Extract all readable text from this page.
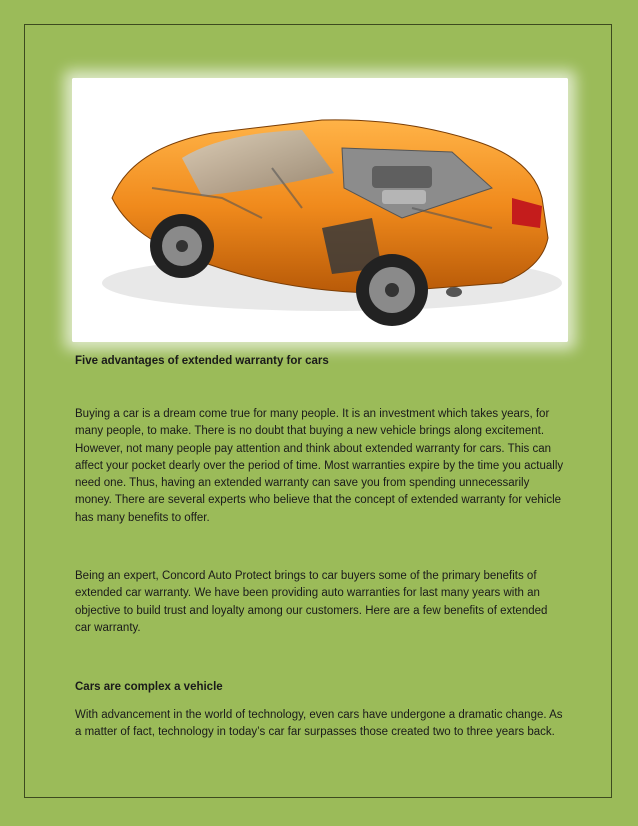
Five advantages of extended warranty for cars

Buying a car is a dream come true for many people. It is an investment which takes years, for many people, to make. There is no doubt that buying a new vehicle brings along excitement. However, not many people pay attention and think about extended warranty for cars. This can affect your pocket dearly over the period of time. Most warranties expire by the time you actually need one. Thus, having an extended warranty can save you from spending unnecessarily money. There are several experts who believe that the concept of extended warranty for vehicle has many benefits to offer.

Being an expert, Concord Auto Protect brings to car buyers some of the primary benefits of extended car warranty. We have been providing auto warranties for last many years with an objective to build trust and loyalty among our customers. Here are a few benefits of extended car warranty.

Cars are complex a vehicle

With advancement in the world of technology, even cars have undergone a dramatic change. As a matter of fact, technology in today’s car far surpasses those created two to three years back.
